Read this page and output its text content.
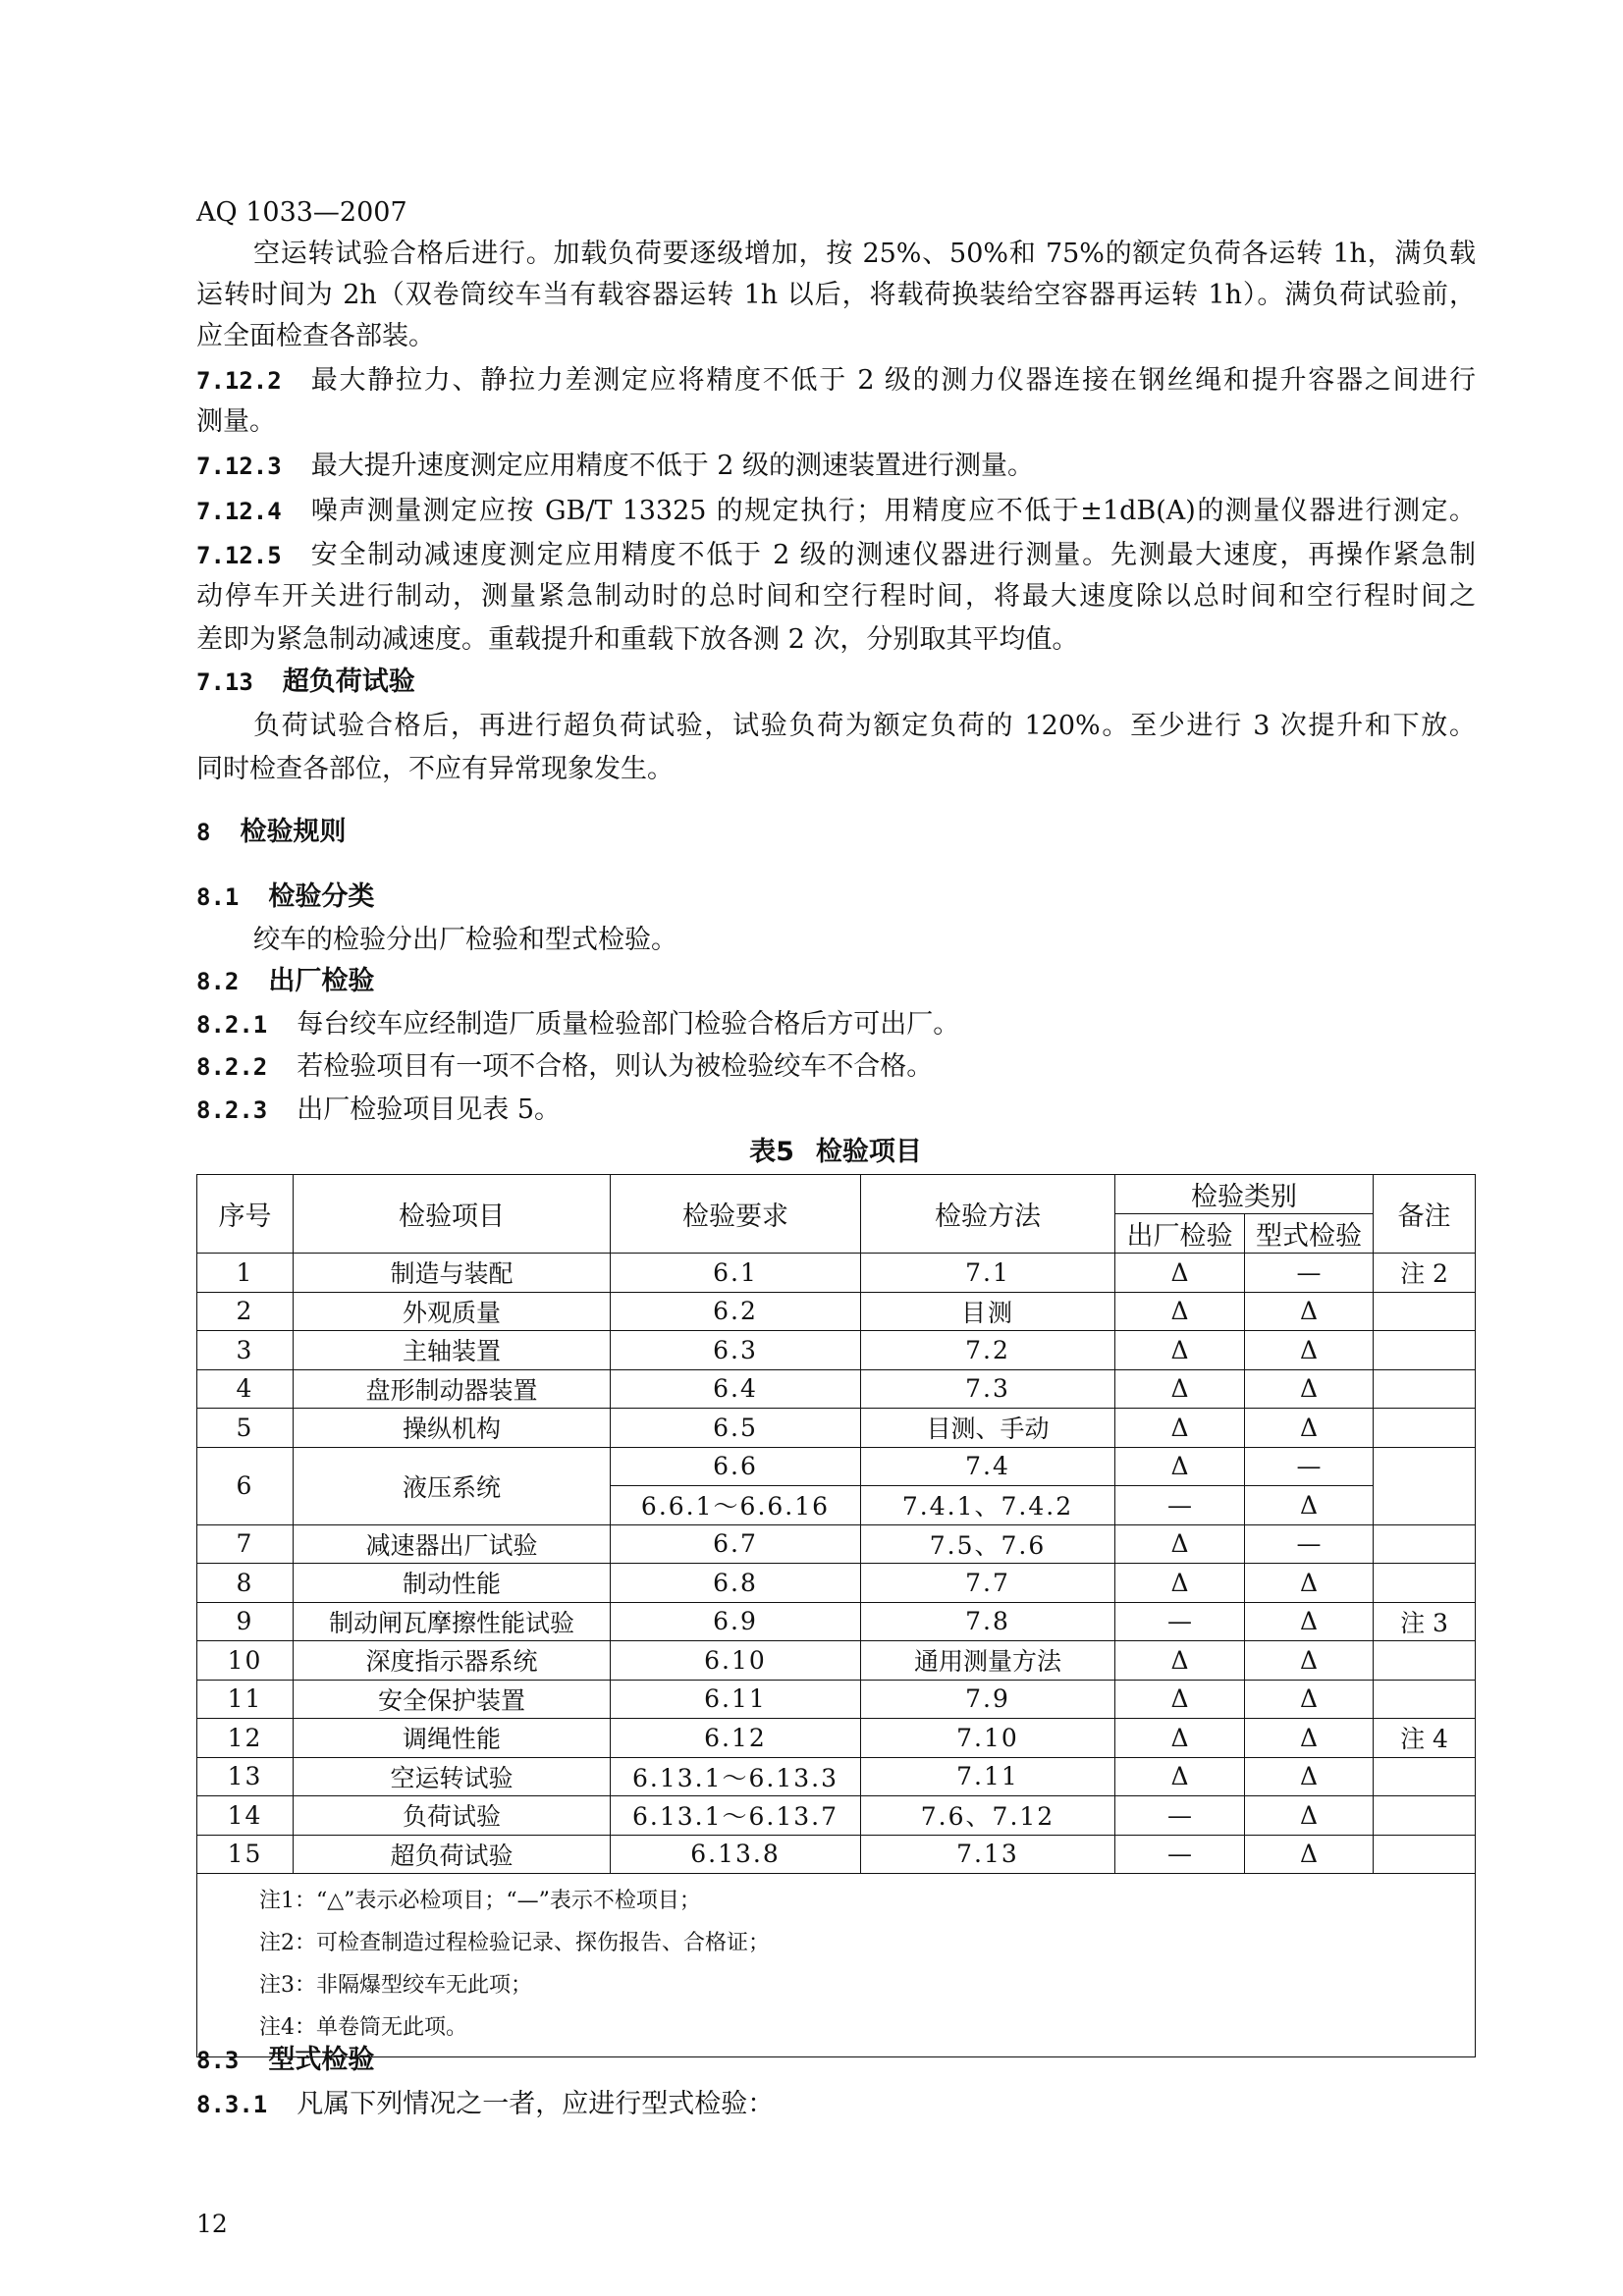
AQ 1033—2007
空运转试验合格后进行。加载负荷要逐级增加，按 25%、50%和 75%的额定负荷各运转 1h，满负载
运转时间为 2h（双卷筒绞车当有载容器运转 1h 以后，将载荷换装给空容器再运转 1h）。满负荷试验前，
应全面检查各部装。
7.12.2 最大静拉力、静拉力差测定应将精度不低于 2 级的测力仪器连接在钢丝绳和提升容器之间进行
测量。
7.12.3 最大提升速度测定应用精度不低于 2 级的测速装置进行测量。
7.12.4 噪声测量测定应按 GB/T 13325 的规定执行；用精度应不低于±1dB(A)的测量仪器进行测定。
7.12.5 安全制动减速度测定应用精度不低于 2 级的测速仪器进行测量。先测最大速度，再操作紧急制
动停车开关进行制动，测量紧急制动时的总时间和空行程时间，将最大速度除以总时间和空行程时间之
差即为紧急制动减速度。重载提升和重载下放各测 2 次，分别取其平均值。
7.13 超负荷试验
负荷试验合格后，再进行超负荷试验，试验负荷为额定负荷的 120%。至少进行 3 次提升和下放。
同时检查各部位，不应有异常现象发生。
8 检验规则
8.1 检验分类
绞车的检验分出厂检验和型式检验。
8.2 出厂检验
8.2.1 每台绞车应经制造厂质量检验部门检验合格后方可出厂。
8.2.2 若检验项目有一项不合格，则认为被检验绞车不合格。
8.2.3 出厂检验项目见表 5。
表5 检验项目
序号	检验项目	检验要求	检验方法	检验类别		备注
				出厂检验	型式检验	
1	制造与装配	6.1	7.1	Δ	—	注 2
2	外观质量	6.2	目测	Δ	Δ	
3	主轴装置	6.3	7.2	Δ	Δ	
4	盘形制动器装置	6.4	7.3	Δ	Δ	
5	操纵机构	6.5	目测、手动	Δ	Δ	
6	液压系统	6.6	7.4	Δ	—	
		6.6.1～6.6.16	7.4.1、7.4.2	—	Δ	
7	减速器出厂试验	6.7	7.5、7.6	Δ	—	
8	制动性能	6.8	7.7	Δ	Δ	
9	制动闸瓦摩擦性能试验	6.9	7.8	—	Δ	注 3
10	深度指示器系统	6.10	通用测量方法	Δ	Δ	
11	安全保护装置	6.11	7.9	Δ	Δ	
12	调绳性能	6.12	7.10	Δ	Δ	注 4
13	空运转试验	6.13.1～6.13.3	7.11	Δ	Δ	
14	负荷试验	6.13.1～6.13.7	7.6、7.12	—	Δ	
15	超负荷试验	6.13.8	7.13	—	Δ	

注1：“△”表示必检项目；“—”表示不检项目；
注2：可检查制造过程检验记录、探伤报告、合格证；
注3：非隔爆型绞车无此项；
注4：单卷筒无此项。						
8.3 型式检验
8.3.1 凡属下列情况之一者，应进行型式检验：
12
